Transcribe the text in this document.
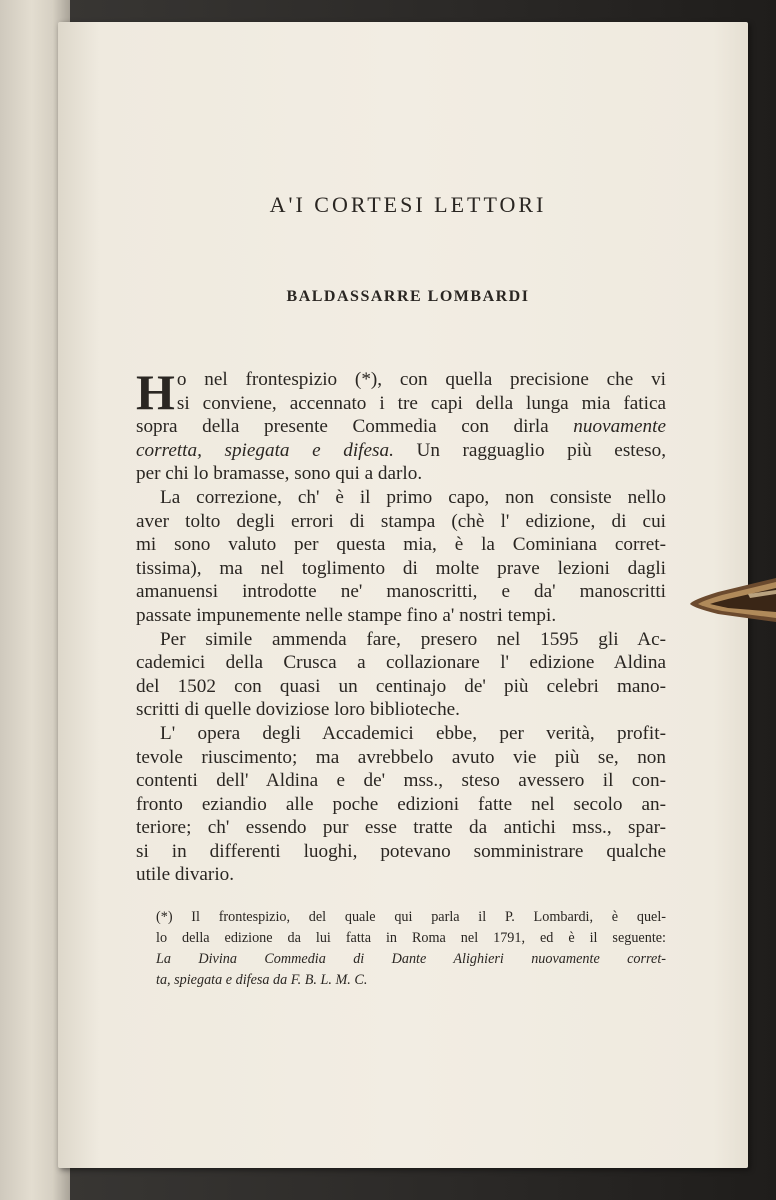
A'I CORTESI LETTORI
BALDASSARRE LOMBARDI
H o nel frontespizio (*), con quella precisione che vi

si conviene, accennato i tre capi della lunga mia fatica

sopra della presente Commedia con dirla nuovamente

corretta, spiegata e difesa. Un ragguaglio più esteso,

per chi lo bramasse, sono qui a darlo.

La correzione, ch' è il primo capo, non consiste nello

aver tolto degli errori di stampa (chè l' edizione, di cui

mi sono valuto per questa mia, è la Cominiana corret-

tissima), ma nel toglimento di molte prave lezioni dagli

amanuensi introdotte ne' manoscritti, e da' manoscritti

passate impunemente nelle stampe fino a' nostri tempi.

Per simile ammenda fare, presero nel 1595 gli Ac-

cademici della Crusca a collazionare l' edizione Aldina

del 1502 con quasi un centinajo de' più celebri mano-

scritti di quelle doviziose loro biblioteche.

L' opera degli Accademici ebbe, per verità, profit-

tevole riuscimento; ma avrebbelo avuto vie più se, non

contenti dell' Aldina e de' mss., steso avessero il con-

fronto eziandio alle poche edizioni fatte nel secolo an-

teriore; ch' essendo pur esse tratte da antichi mss., spar-

si in differenti luoghi, potevano somministrare qualche

utile divario.

(*) Il frontespizio, del quale qui parla il P. Lombardi, è quel-

lo della edizione da lui fatta in Roma nel 1791, ed è il seguente:

La Divina Commedia di Dante Alighieri nuovamente corret-

ta, spiegata e difesa da F. B. L. M. C.
